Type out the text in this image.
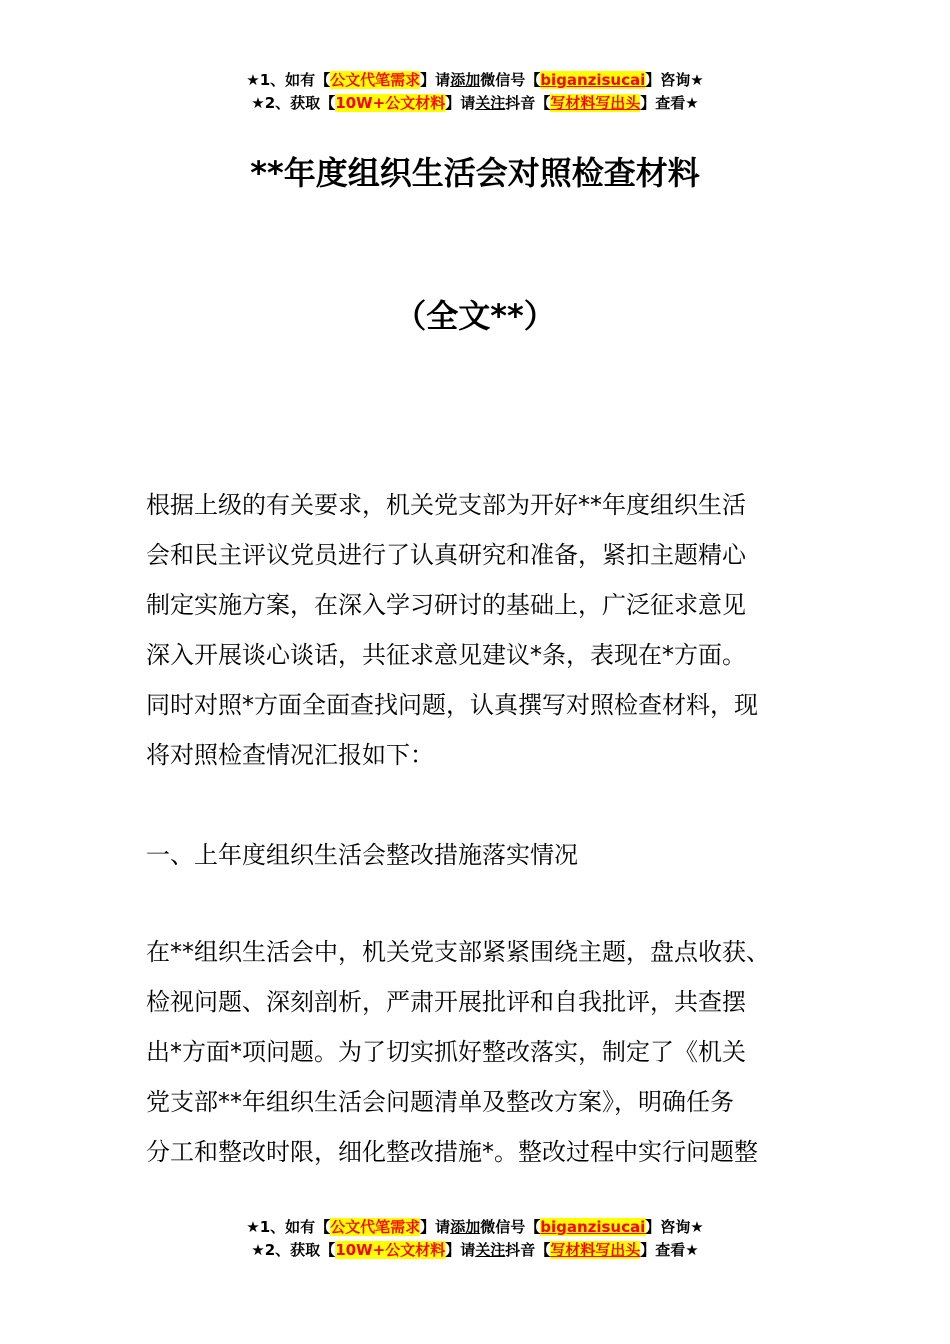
★1、如有【公文代笔需求】请添加微信号【biganzisucai】咨询★
★2、获取【10W+公文材料】请关注抖音【写材料写出头】查看★
**年度组织生活会对照检查材料
（全文**）
根据上级的有关要求，机关党支部为开好**年度组织生活
会和民主评议党员进行了认真研究和准备，紧扣主题精心
制定实施方案，在深入学习研讨的基础上，广泛征求意见
深入开展谈心谈话，共征求意见建议*条，表现在*方面。
同时对照*方面全面查找问题，认真撰写对照检查材料，现
将对照检查情况汇报如下：
一、上年度组织生活会整改措施落实情况
在**组织生活会中，机关党支部紧紧围绕主题，盘点收获、
检视问题、深刻剖析，严肃开展批评和自我批评，共查摆
出*方面*项问题。为了切实抓好整改落实，制定了《机关
党支部**年组织生活会问题清单及整改方案》，明确任务
分工和整改时限，细化整改措施*。整改过程中实行问题整
★1、如有【公文代笔需求】请添加微信号【biganzisucai】咨询★
★2、获取【10W+公文材料】请关注抖音【写材料写出头】查看★
